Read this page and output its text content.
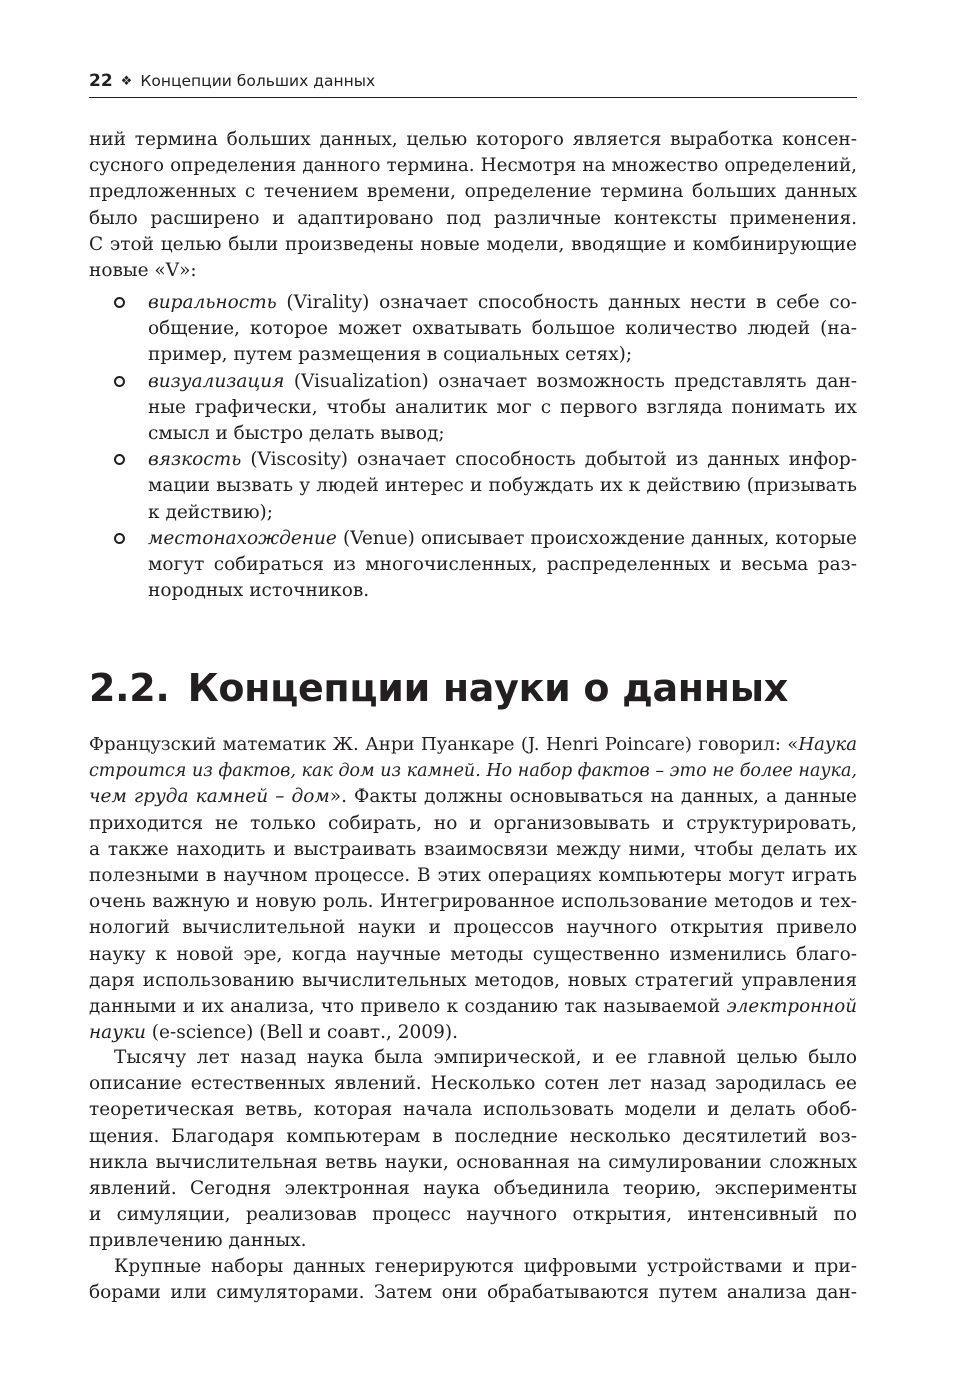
22 ❖ Концепции больших данных
ний термина больших данных, целью которого является выработка консен-
сусного определения данного термина. Несмотря на множество определений,
предложенных с течением времени, определение термина больших данных
было расширено и адаптировано под различные контексты применения.
С этой целью были произведены новые модели, вводящие и комбинирующие
новые «V»:
виральность (Virality) означает способность данных нести в себе со-
общение, которое может охватывать большое количество людей (на-
пример, путем размещения в социальных сетях);
визуализация (Visualization) означает возможность представлять дан-
ные графически, чтобы аналитик мог с первого взгляда понимать их
смысл и быстро делать вывод;
вязкость (Viscosity) означает способность добытой из данных инфор-
мации вызвать у людей интерес и побуждать их к действию (призывать
к действию);
местонахождение (Venue) описывает происхождение данных, которые
могут собираться из многочисленных, распределенных и весьма раз-
нородных источников.
2.2. Концепции науки о данных
Французский математик Ж. Анри Пуанкаре (J. Henri Poincare) говорил: «Наука
строится из фактов, как дом из камней. Но набор фактов – это не более наука,
чем груда камней – дом». Факты должны основываться на данных, а данные
приходится не только собирать, но и организовывать и структурировать,
а также находить и выстраивать взаимосвязи между ними, чтобы делать их
полезными в научном процессе. В этих операциях компьютеры могут играть
очень важную и новую роль. Интегрированное использование методов и тех-
нологий вычислительной науки и процессов научного открытия привело
науку к новой эре, когда научные методы существенно изменились благо-
даря использованию вычислительных методов, новых стратегий управления
данными и их анализа, что привело к созданию так называемой электронной
науки (e-science) (Bell и соавт., 2009).
Тысячу лет назад наука была эмпирической, и ее главной целью было
описание естественных явлений. Несколько сотен лет назад зародилась ее
теоретическая ветвь, которая начала использовать модели и делать обоб-
щения. Благодаря компьютерам в последние несколько десятилетий воз-
никла вычислительная ветвь науки, основанная на симулировании сложных
явлений. Сегодня электронная наука объединила теорию, эксперименты
и симуляции, реализовав процесс научного открытия, интенсивный по
привлечению данных.
Крупные наборы данных генерируются цифровыми устройствами и при-
борами или симуляторами. Затем они обрабатываются путем анализа дан-
